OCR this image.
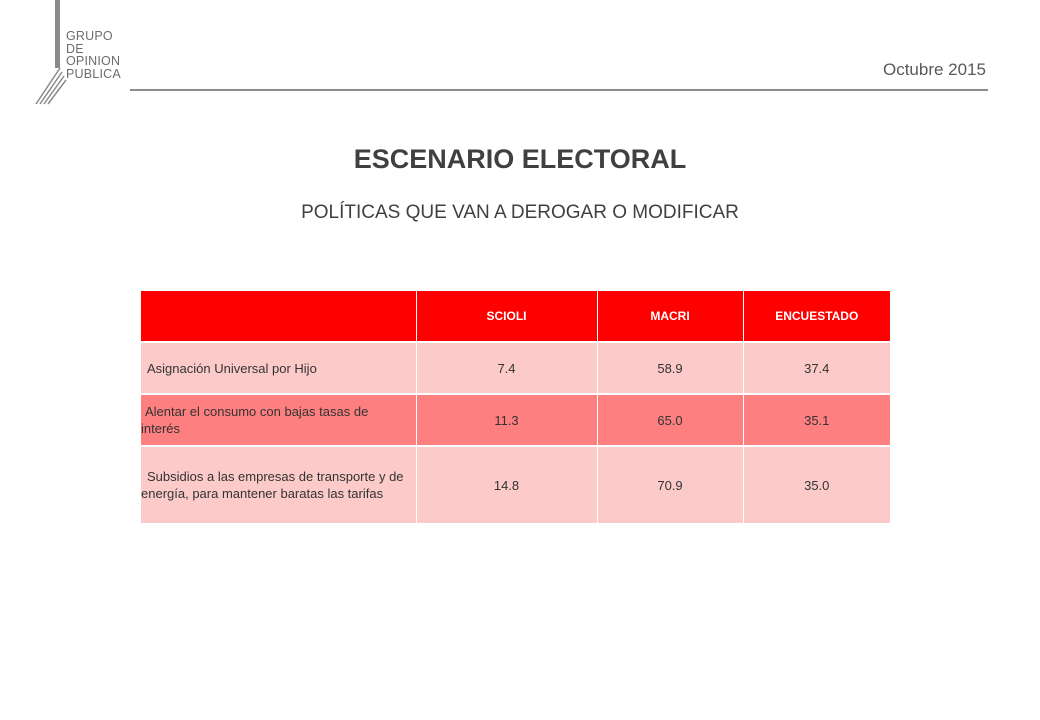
GRUPO
DE
OPINION
PUBLICA	Octubre 2015
ESCENARIO ELECTORAL
POLÍTICAS QUE VAN A DEROGAR O MODIFICAR
	SCIOLI	MACRI	ENCUESTADO

Asignación Universal por Hijo	7.4	58.9	37.4

Alentar el consumo con bajas tasas de interés	11.3	65.0	35.1

Subsidios a las empresas de transporte y de energía, para mantener baratas las tarifas	14.8	70.9	35.0
